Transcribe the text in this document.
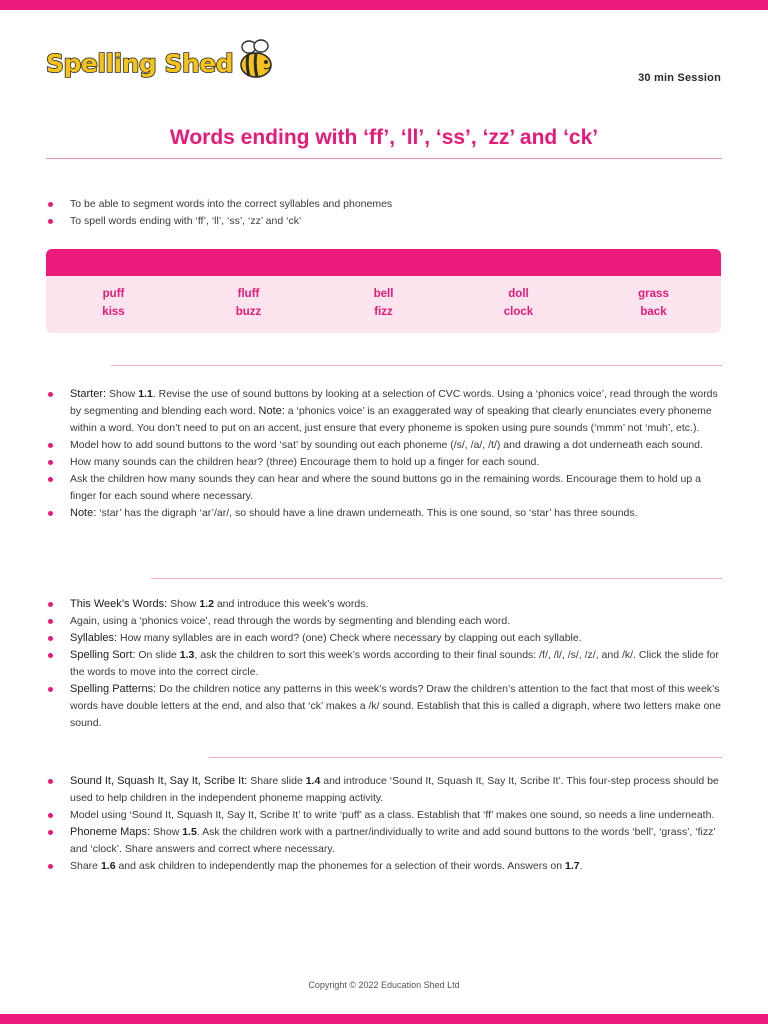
Spelling Shed
30 min Session
Words ending with ‘ff’, ‘ll’, ‘ss’, ‘zz’ and ‘ck’
To be able to segment words into the correct syllables and phonemes
To spell words ending with ‘ff’, ‘ll’, ‘ss’, ‘zz’ and ‘ck’
puff
kiss
fluff
buzz
bell
fizz
doll
clock
grass
back
Starter: Show 1.1. Revise the use of sound buttons by looking at a selection of CVC words. Using a ‘phonics voice’, read through the words by segmenting and blending each word. Note: a ‘phonics voice’ is an exaggerated way of speaking that clearly enunciates every phoneme within a word. You don’t need to put on an accent, just ensure that every phoneme is spoken using pure sounds (‘mmm’ not ‘muh’, etc.).
Model how to add sound buttons to the word ‘sat’ by sounding out each phoneme (/s/, /a/, /t/) and drawing a dot underneath each sound.
How many sounds can the children hear? (three) Encourage them to hold up a finger for each sound.
Ask the children how many sounds they can hear and where the sound buttons go in the remaining words. Encourage them to hold up a finger for each sound where necessary.
Note: ‘star’ has the digraph ‘ar’/ar/, so should have a line drawn underneath. This is one sound, so ‘star’ has three sounds.
This Week’s Words: Show 1.2 and introduce this week’s words.
Again, using a ‘phonics voice’, read through the words by segmenting and blending each word.
Syllables: How many syllables are in each word? (one) Check where necessary by clapping out each syllable.
Spelling Sort: On slide 1.3, ask the children to sort this week’s words according to their final sounds: /f/, /l/, /s/, /z/, and /k/. Click the slide for the words to move into the correct circle.
Spelling Patterns: Do the children notice any patterns in this week’s words? Draw the children’s attention to the fact that most of this week’s words have double letters at the end, and also that ‘ck’ makes a /k/ sound. Establish that this is called a digraph, where two letters make one sound.
Sound It, Squash It, Say It, Scribe It: Share slide 1.4 and introduce ‘Sound It, Squash It, Say It, Scribe It’. This four-step process should be used to help children in the independent phoneme mapping activity.
Model using ‘Sound It, Squash It, Say It, Scribe It’ to write ‘puff’ as a class. Establish that ‘ff’ makes one sound, so needs a line underneath.
Phoneme Maps: Show 1.5. Ask the children work with a partner/individually to write and add sound buttons to the words ‘bell’, ‘grass’, ‘fizz’ and ‘clock’. Share answers and correct where necessary.
Share 1.6 and ask children to independently map the phonemes for a selection of their words. Answers on 1.7.
Copyright © 2022 Education Shed Ltd
